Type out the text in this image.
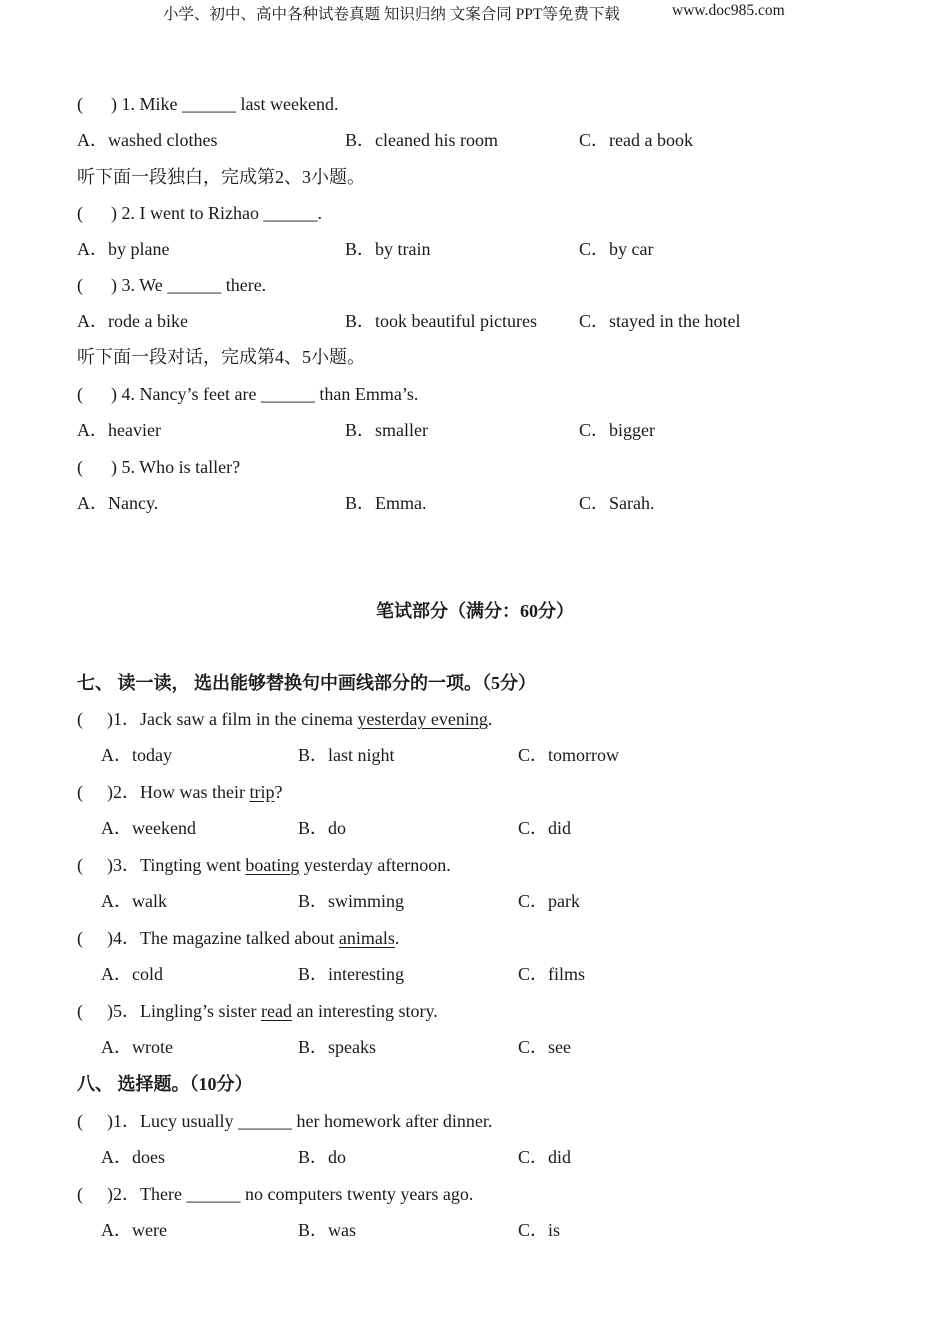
小学、初中、高中各种试卷真题 知识归纳 文案合同 PPT等免费下载	www.doc985.com
( ) 1. Mike ______ last weekend.
A．washed clothes	B．cleaned his room	C．read a book
听下面一段独白，完成第2、3小题。
( ) 2. I went to Rizhao ______.
A．by plane	B．by train	C．by car
( ) 3. We ______ there.
A．rode a bike	B．took beautiful pictures C．stayed in the hotel
听下面一段对话，完成第4、5小题。
( ) 4. Nancy’s feet are ______ than Emma’s.
A．heavier	B．smaller	C．bigger
( ) 5. Who is taller?
A．Nancy.	B．Emma.	C．Sarah.
笔试部分（满分：60分）
七、 读一读， 选出能够替换句中画线部分的一项。（5分）
( )1．Jack saw a film in the cinema yesterday evening.
A．today	B．last night	C．tomorrow
( )2．How was their trip?
A．weekend	B．do	C．did
( )3．Tingting went boating yesterday afternoon.
A．walk	B．swimming	C．park
( )4．The magazine talked about animals.
A．cold	B．interesting	C．films
( )5．Lingling’s sister read an interesting story.
A．wrote	B．speaks	C．see
八、 选择题。（10分）
( )1．Lucy usually ______ her homework after dinner.
A．does	B．do	C．did
( )2．There ______ no computers twenty years ago.
A．were	B．was	C．is
